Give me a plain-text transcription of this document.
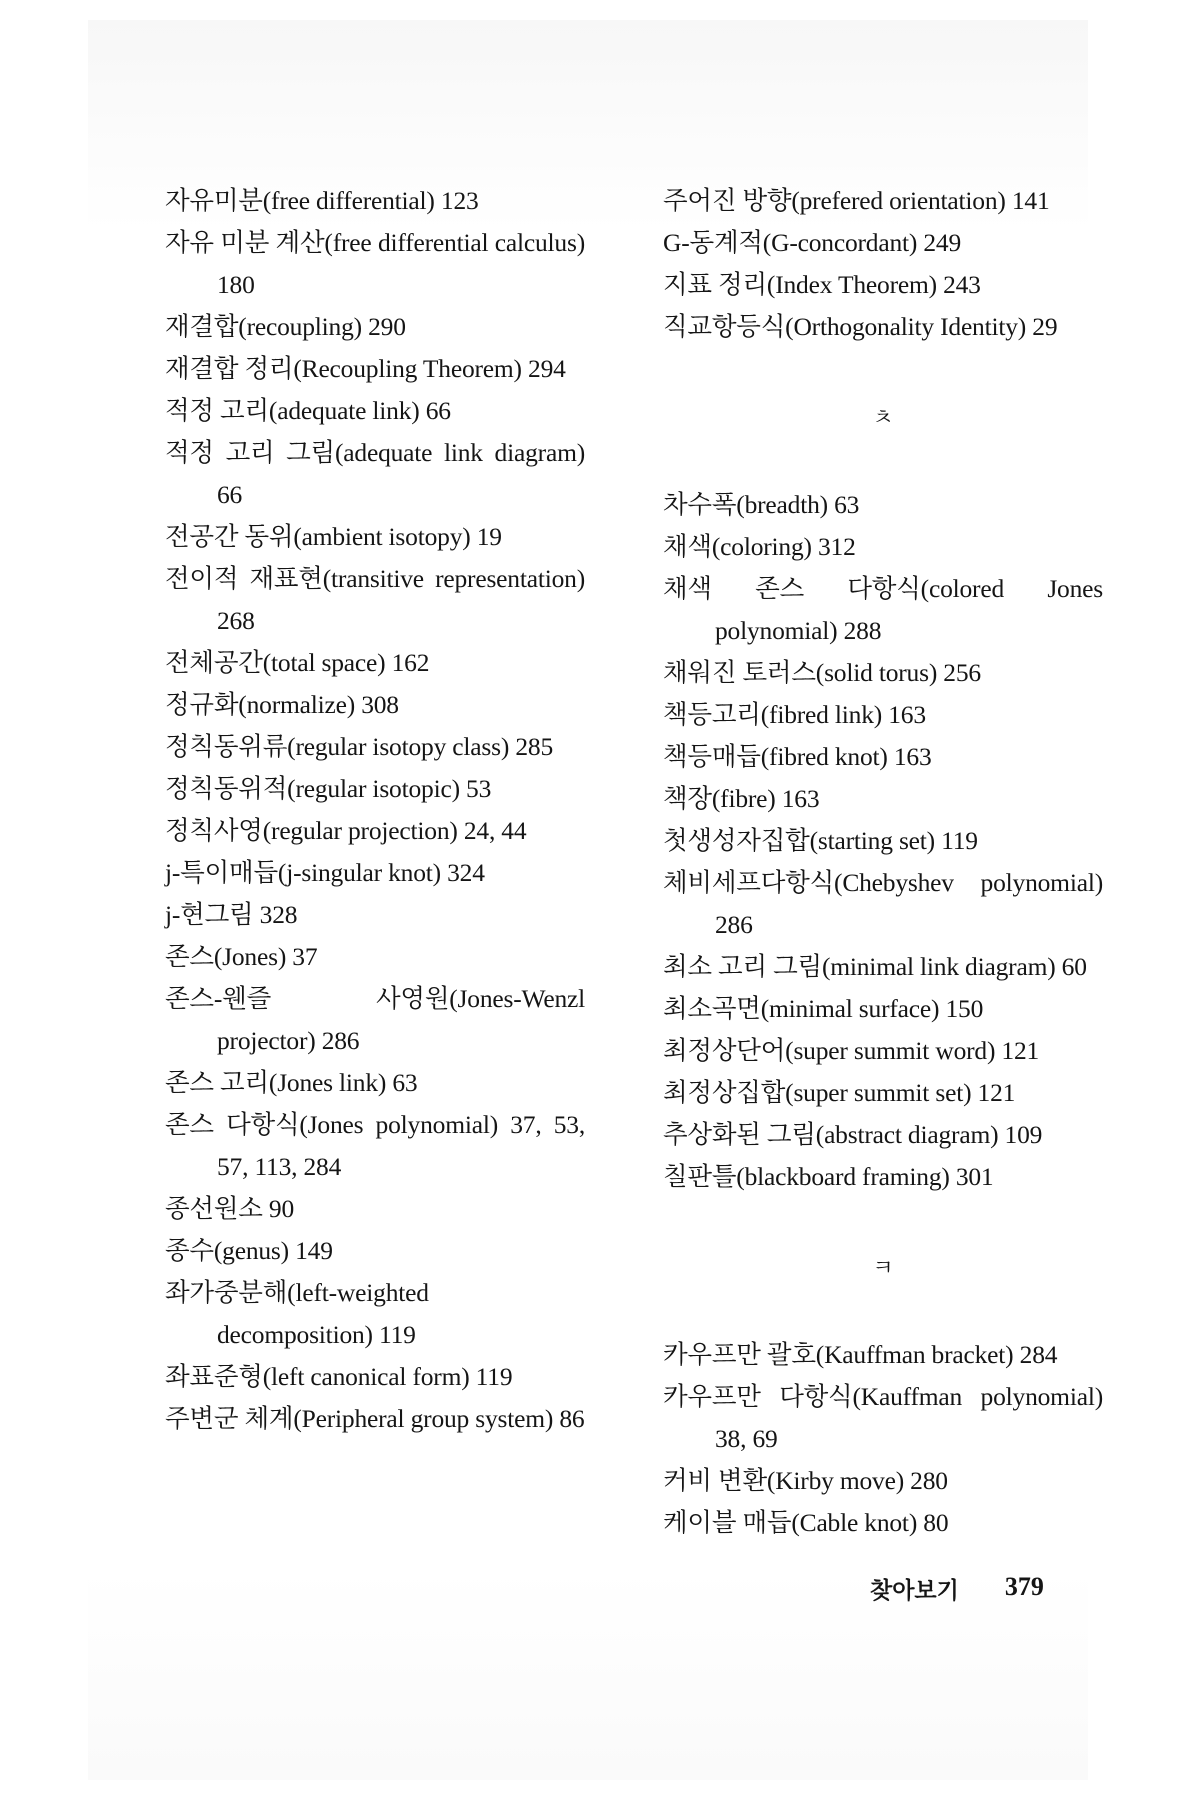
자유미분(free differential) 123
자유 미분 계산(free differential calculus) 180
재결합(recoupling) 290
재결합 정리(Recoupling Theorem) 294
적정 고리(adequate link) 66
적정 고리 그림(adequate link diagram) 66
전공간 동위(ambient isotopy) 19
전이적 재표현(transitive representation) 268
전체공간(total space) 162
정규화(normalize) 308
정칙동위류(regular isotopy class) 285
정칙동위적(regular isotopic) 53
정칙사영(regular projection) 24, 44
j-특이매듭(j-singular knot) 324
j-현그림 328
존스(Jones) 37
존스-웬즐 사영원(Jones-Wenzl projector) 286
존스 고리(Jones link) 63
존스 다항식(Jones polynomial) 37, 53, 57, 113, 284
종선원소 90
종수(genus) 149
좌가중분해(left-weighted decomposition) 119
좌표준형(left canonical form) 119
주변군 체계(Peripheral group system) 86
주어진 방향(prefered orientation) 141
G-동계적(G-concordant) 249
지표 정리(Index Theorem) 243
직교항등식(Orthogonality Identity) 29
ㅊ
차수폭(breadth) 63
채색(coloring) 312
채색 존스 다항식(colored Jones polynomial) 288
채워진 토러스(solid torus) 256
책등고리(fibred link) 163
책등매듭(fibred knot) 163
책장(fibre) 163
첫생성자집합(starting set) 119
체비세프다항식(Chebyshev polynomial) 286
최소 고리 그림(minimal link diagram) 60
최소곡면(minimal surface) 150
최정상단어(super summit word) 121
최정상집합(super summit set) 121
추상화된 그림(abstract diagram) 109
칠판틀(blackboard framing) 301
ㅋ
카우프만 괄호(Kauffman bracket) 284
카우프만 다항식(Kauffman polynomial) 38, 69
커비 변환(Kirby move) 280
케이블 매듭(Cable knot) 80
찾아보기 379
